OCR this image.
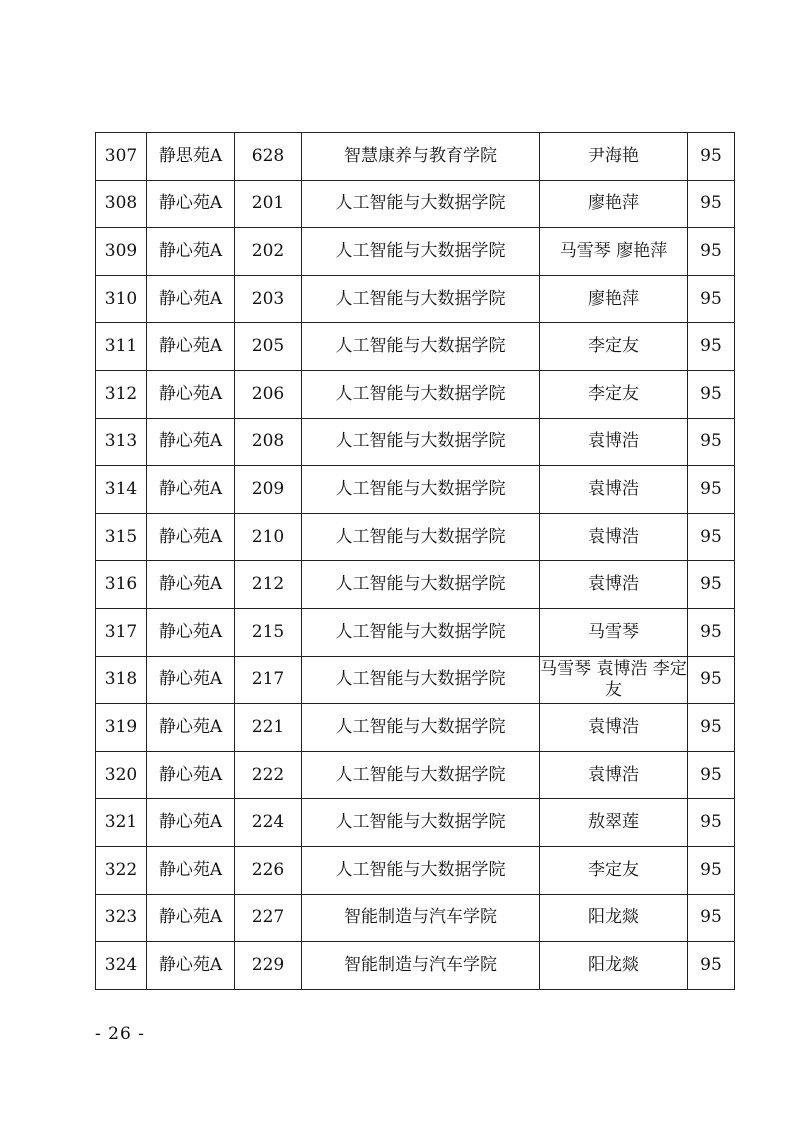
307	静思苑A	628	智慧康养与教育学院	尹海艳	95
308	静心苑A	201	人工智能与大数据学院	廖艳萍	95
309	静心苑A	202	人工智能与大数据学院	马雪琴 廖艳萍	95
310	静心苑A	203	人工智能与大数据学院	廖艳萍	95
311	静心苑A	205	人工智能与大数据学院	李定友	95
312	静心苑A	206	人工智能与大数据学院	李定友	95
313	静心苑A	208	人工智能与大数据学院	袁博浩	95
314	静心苑A	209	人工智能与大数据学院	袁博浩	95
315	静心苑A	210	人工智能与大数据学院	袁博浩	95
316	静心苑A	212	人工智能与大数据学院	袁博浩	95
317	静心苑A	215	人工智能与大数据学院	马雪琴	95
318	静心苑A	217	人工智能与大数据学院	马雪琴 袁博浩 李定友	95
319	静心苑A	221	人工智能与大数据学院	袁博浩	95
320	静心苑A	222	人工智能与大数据学院	袁博浩	95
321	静心苑A	224	人工智能与大数据学院	敖翠莲	95
322	静心苑A	226	人工智能与大数据学院	李定友	95
323	静心苑A	227	智能制造与汽车学院	阳龙燚	95
324	静心苑A	229	智能制造与汽车学院	阳龙燚	95
- 26 -
